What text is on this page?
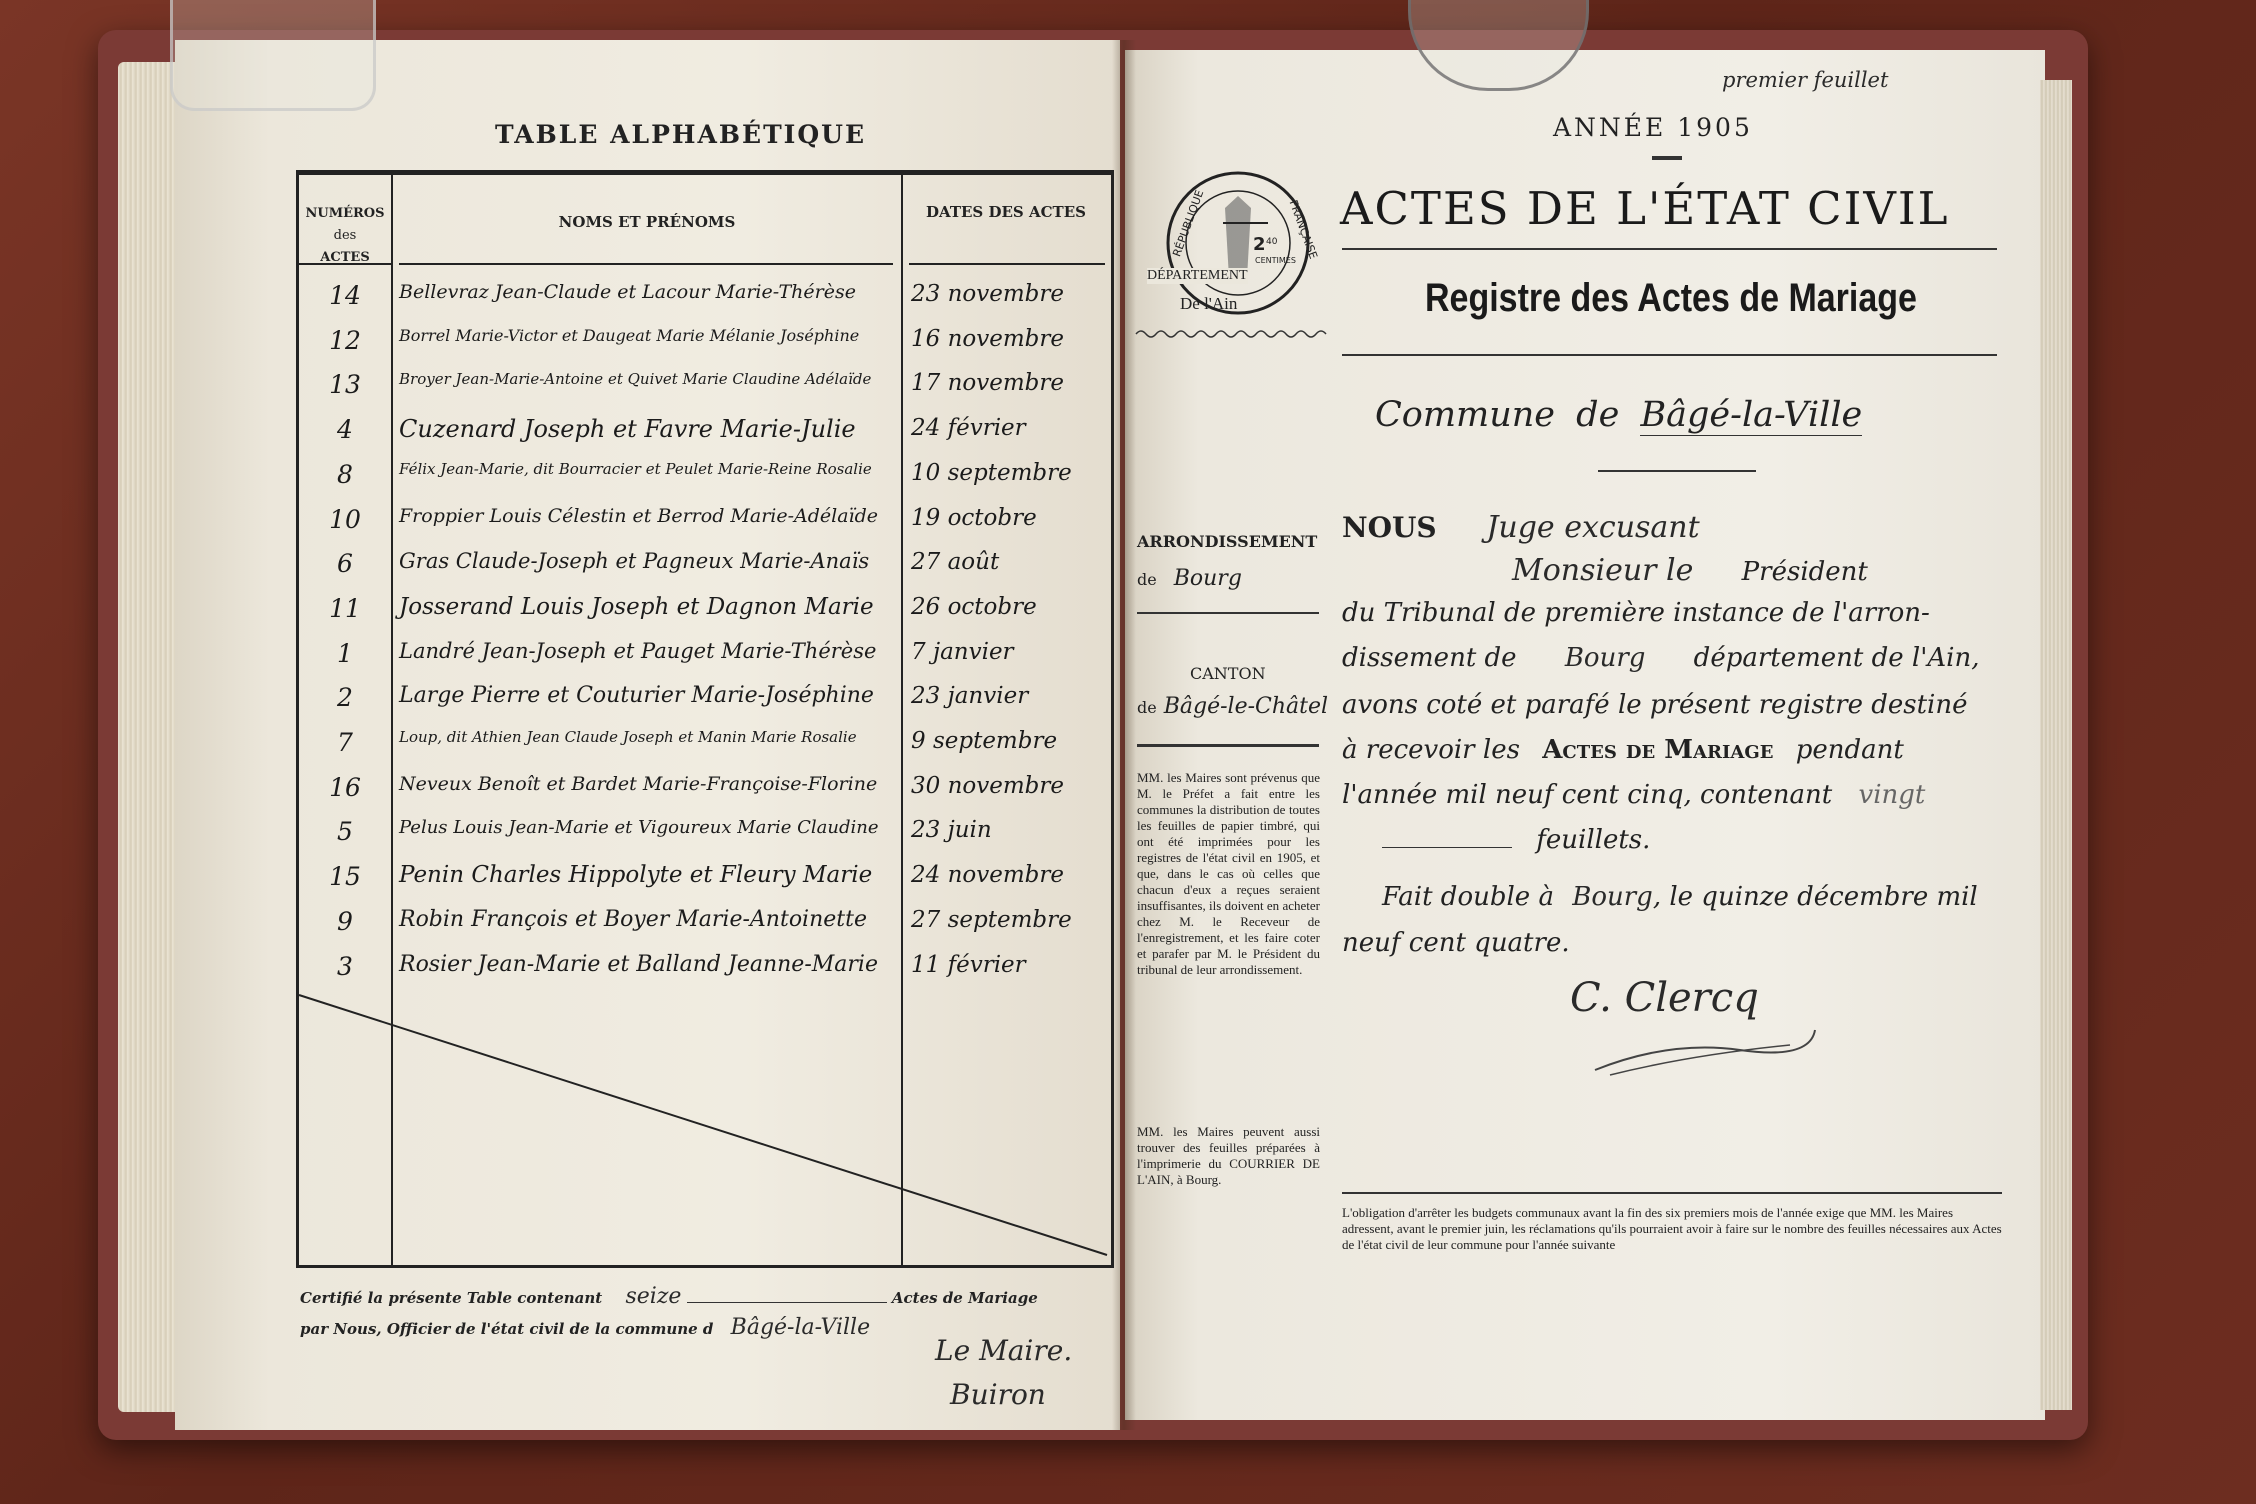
TABLE ALPHABÉTIQUE
NUMÉROS
des
ACTES
NOMS ET PRÉNOMS
DATES DES ACTES
14	Bellevraz Jean-Claude et Lacour Marie-Thérèse	23 novembre
12	Borrel Marie-Victor et Daugeat Marie Mélanie Joséphine	16 novembre
13	Broyer Jean-Marie-Antoine et Quivet Marie Claudine Adélaïde	17 novembre
4	Cuzenard Joseph et Favre Marie-Julie	24 février
8	Félix Jean-Marie, dit Bourracier et Peulet Marie-Reine Rosalie	10 septembre
10	Froppier Louis Célestin et Berrod Marie-Adélaïde 19 octobre
6	Gras Claude-Joseph et Pagneux Marie-Anaïs	27 août
11	Josserand Louis Joseph et Dagnon Marie 26 octobre
1	Landré Jean-Joseph et Pauget Marie-Thérèse 7 janvier
2	Large Pierre et Couturier Marie-Joséphine 23 janvier
7	Loup, dit Athien Jean Claude Joseph et Manin Marie Rosalie	9 septembre
16	Neveux Benoît et Bardet Marie-Françoise-Florine 30 novembre
5	Pelus Louis Jean-Marie et Vigoureux Marie Claudine 23 juin
15	Penin Charles Hippolyte et Fleury Marie 24 novembre
9	Robin François et Boyer Marie-Antoinette	27 septembre
3	Rosier Jean-Marie et Balland Jeanne-Marie 11 février
Certifié la présente Table contenant seize	Actes de Mariage
par Nous, Officier de l'état civil de la commune d Bâgé-la-Ville
Le Maire.
Buiron
premier feuillet
ANNÉE 1905
ACTES DE L'ÉTAT CIVIL
Registre des Actes de Mariage
RÉPUBLIQUE	FRANÇAISE
2 40
CENTIMES
DÉPARTEMENT
De l'Ain
Commune de Bâgé-la-Ville
ARRONDISSEMENT
de Bourg
CANTON
de Bâgé-le-Châtel
MM. les Maires sont prévenus que M. le Préfet a fait entre les communes la distribution de toutes les feuilles de papier timbré, qui ont été imprimées pour les registres de l'état civil en 1905, et que, dans le cas où celles que chacun d'eux a reçues seraient insuffisantes, ils doivent en acheter chez M. le Receveur de l'enregistrement, et les faire coter et parafer par M. le Président du tribunal de leur arrondissement.
MM. les Maires peuvent aussi trouver des feuilles préparées à l'imprimerie du COURRIER DE L'AIN, à Bourg.
NOUS Juge excusant
Monsieur le Président
du Tribunal de première instance de l'arron-
dissement de Bourg département de l'Ain,
avons coté et parafé le présent registre destiné
à recevoir les Actes de Mariage pendant
l'année mil neuf cent cinq, contenant vingt
feuillets.
Fait double à Bourg, le quinze décembre mil
neuf cent quatre.
C. Clercq
L'obligation d'arrêter les budgets communaux avant la fin des six premiers mois de l'année exige que MM. les Maires adressent, avant le premier juin, les réclamations qu'ils pourraient avoir à faire sur le nombre des feuilles nécessaires aux Actes de l'état civil de leur commune pour l'année suivante
